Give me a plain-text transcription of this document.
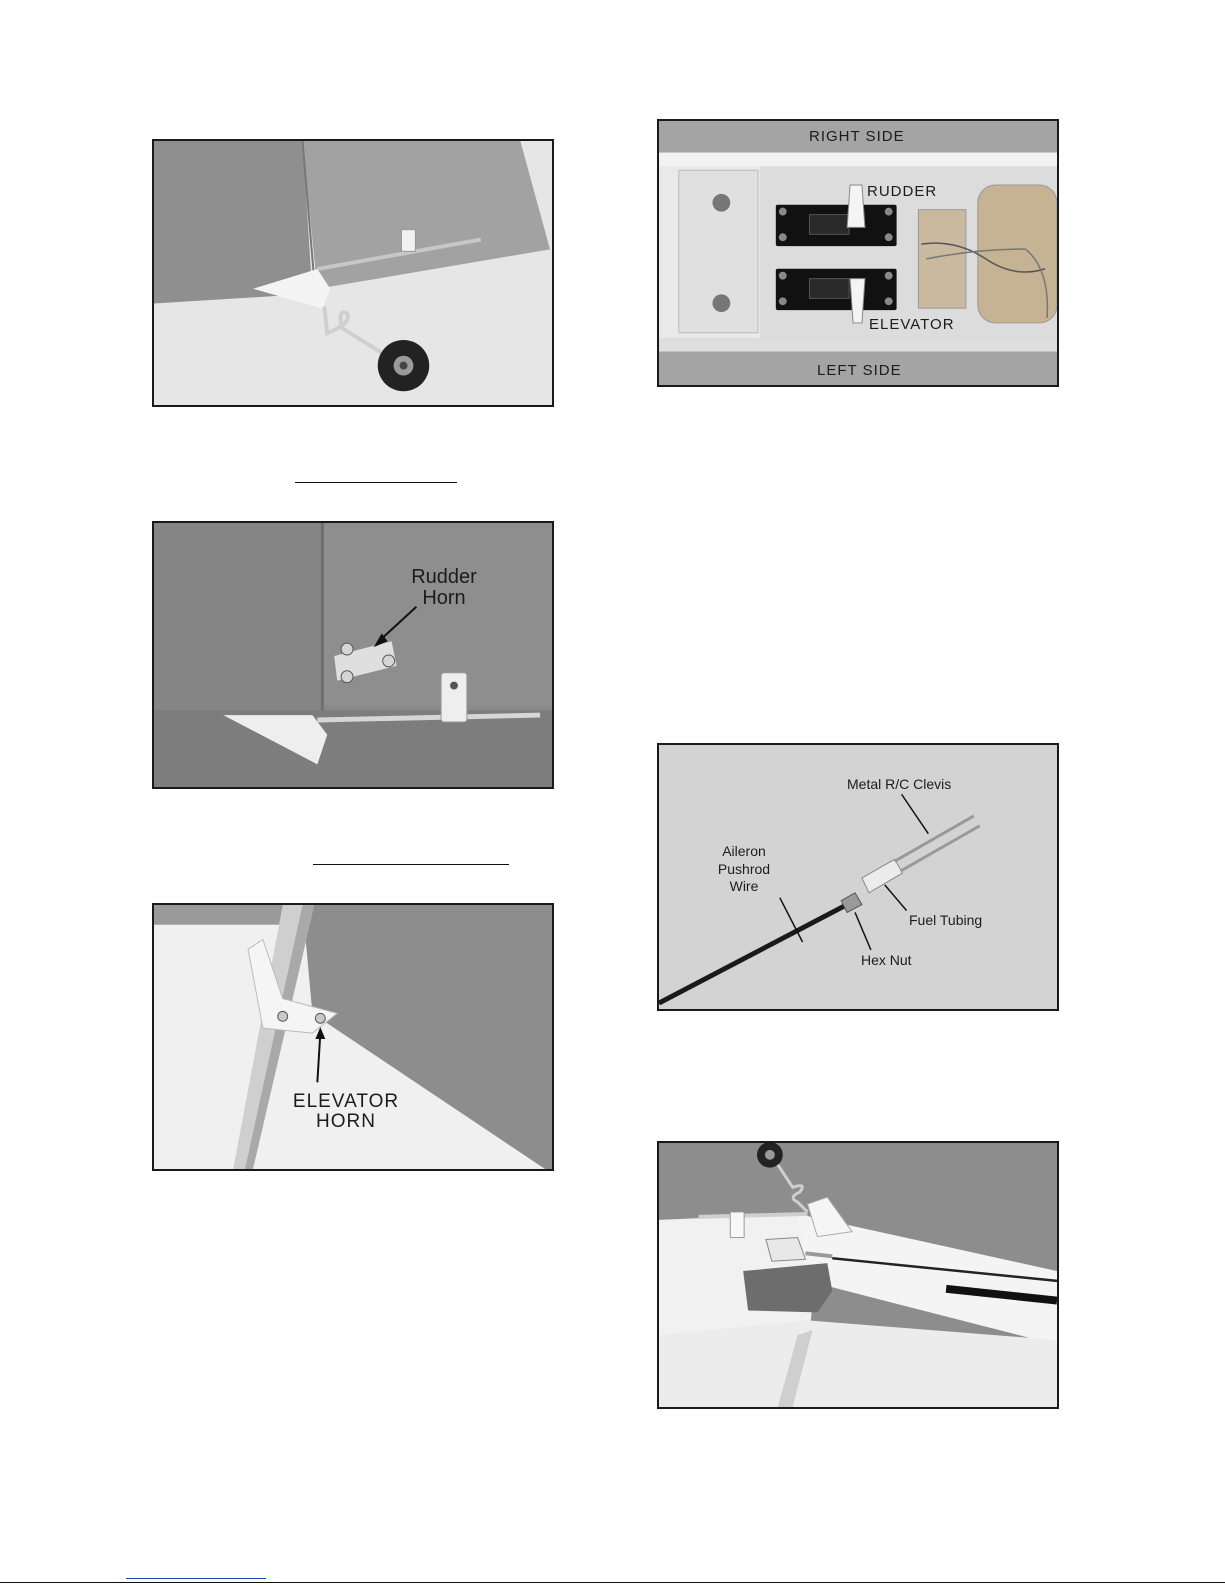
Rudder
Horn
ELEVATOR
HORN
RIGHT SIDE
RUDDER
ELEVATOR
LEFT SIDE
Metal R/C Clevis
Aileron
Pushrod
Wire
Fuel Tubing
Hex Nut
